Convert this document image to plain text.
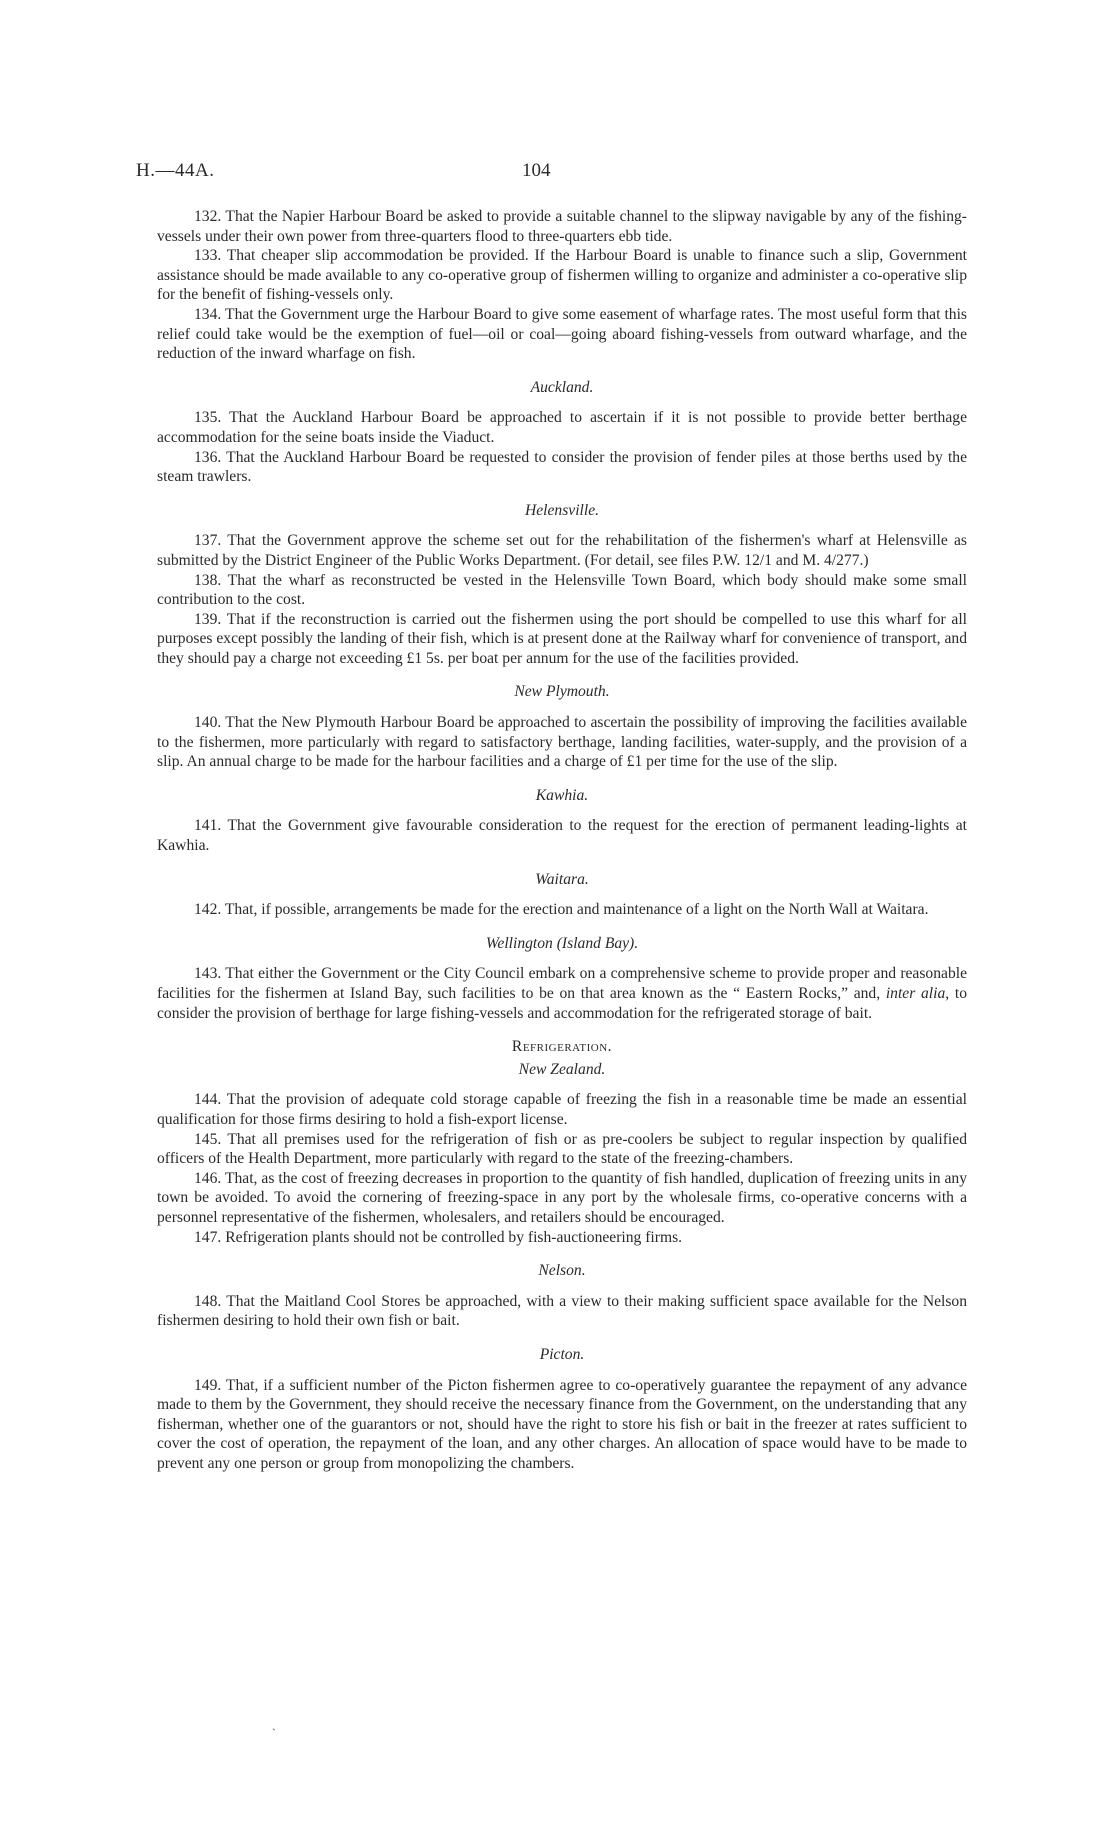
H.—44A.	104

132. That the Napier Harbour Board be asked to provide a suitable channel to the slipway navigable by any of the fishing-vessels under their own power from three-quarters flood to three-quarters ebb tide.

133. That cheaper slip accommodation be provided. If the Harbour Board is unable to finance such a slip, Government assistance should be made available to any co-operative group of fishermen willing to organize and administer a co-operative slip for the benefit of fishing-vessels only.

134. That the Government urge the Harbour Board to give some easement of wharfage rates. The most useful form that this relief could take would be the exemption of fuel—oil or coal—going aboard fishing-vessels from outward wharfage, and the reduction of the inward wharfage on fish.

Auckland.

135. That the Auckland Harbour Board be approached to ascertain if it is not possible to provide better berthage accommodation for the seine boats inside the Viaduct.

136. That the Auckland Harbour Board be requested to consider the provision of fender piles at those berths used by the steam trawlers.

Helensville.

137. That the Government approve the scheme set out for the rehabilitation of the fishermen's wharf at Helensville as submitted by the District Engineer of the Public Works Department. (For detail, see files P.W. 12/1 and M. 4/277.)

138. That the wharf as reconstructed be vested in the Helensville Town Board, which body should make some small contribution to the cost.

139. That if the reconstruction is carried out the fishermen using the port should be compelled to use this wharf for all purposes except possibly the landing of their fish, which is at present done at the Railway wharf for convenience of transport, and they should pay a charge not exceeding £1 5s. per boat per annum for the use of the facilities provided.

New Plymouth.

140. That the New Plymouth Harbour Board be approached to ascertain the possibility of improving the facilities available to the fishermen, more particularly with regard to satisfactory berthage, landing facilities, water-supply, and the provision of a slip. An annual charge to be made for the harbour facilities and a charge of £1 per time for the use of the slip.

Kawhia.

141. That the Government give favourable consideration to the request for the erection of permanent leading-lights at Kawhia.

Waitara.

142. That, if possible, arrangements be made for the erection and maintenance of a light on the North Wall at Waitara.

Wellington (Island Bay).

143. That either the Government or the City Council embark on a comprehensive scheme to provide proper and reasonable facilities for the fishermen at Island Bay, such facilities to be on that area known as the “ Eastern Rocks,” and, inter alia, to consider the provision of berthage for large fishing-vessels and accommodation for the refrigerated storage of bait.

Refrigeration.
New Zealand.

144. That the provision of adequate cold storage capable of freezing the fish in a reasonable time be made an essential qualification for those firms desiring to hold a fish-export license.

145. That all premises used for the refrigeration of fish or as pre-coolers be subject to regular inspection by qualified officers of the Health Department, more particularly with regard to the state of the freezing-chambers.

146. That, as the cost of freezing decreases in proportion to the quantity of fish handled, duplication of freezing units in any town be avoided. To avoid the cornering of freezing-space in any port by the wholesale firms, co-operative concerns with a personnel representative of the fishermen, wholesalers, and retailers should be encouraged.

147. Refrigeration plants should not be controlled by fish-auctioneering firms.

Nelson.

148. That the Maitland Cool Stores be approached, with a view to their making sufficient space available for the Nelson fishermen desiring to hold their own fish or bait.

Picton.

149. That, if a sufficient number of the Picton fishermen agree to co-operatively guarantee the repayment of any advance made to them by the Government, they should receive the necessary finance from the Government, on the understanding that any fisherman, whether one of the guarantors or not, should have the right to store his fish or bait in the freezer at rates sufficient to cover the cost of operation, the repayment of the loan, and any other charges. An allocation of space would have to be made to prevent any one person or group from monopolizing the chambers.

ˎ
